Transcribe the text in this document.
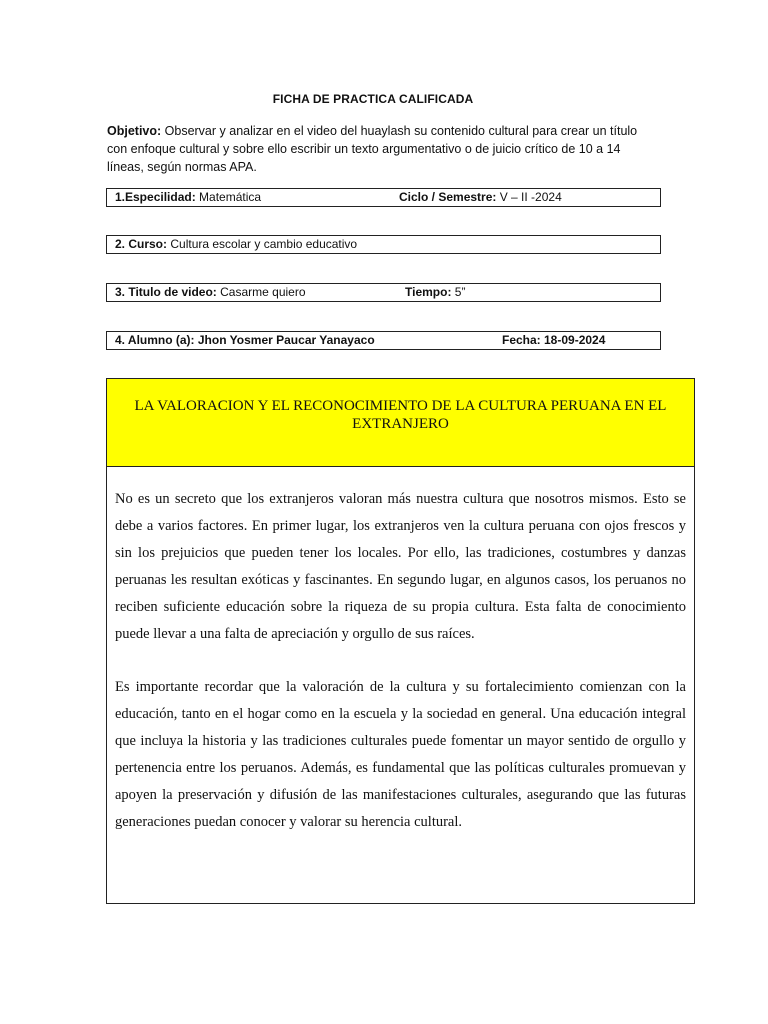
FICHA DE PRACTICA CALIFICADA
Objetivo: Observar y analizar en el video del huaylash su contenido cultural para crear un título con enfoque cultural y sobre ello escribir un texto argumentativo o de juicio crítico de 10 a 14 líneas, según normas APA.
1.Especilidad: Matemática	Ciclo / Semestre: V – II -2024
2. Curso: Cultura escolar y cambio educativo
3. Titulo de video: Casarme quiero	Tiempo: 5”
4. Alumno (a): Jhon Yosmer Paucar Yanayaco	Fecha: 18-09-2024
LA VALORACION Y EL RECONOCIMIENTO DE LA CULTURA PERUANA EN EL EXTRANJERO

No es un secreto que los extranjeros valoran más nuestra cultura que nosotros mismos. Esto se debe a varios factores. En primer lugar, los extranjeros ven la cultura peruana con ojos frescos y sin los prejuicios que pueden tener los locales. Por ello, las tradiciones, costumbres y danzas peruanas les resultan exóticas y fascinantes. En segundo lugar, en algunos casos, los peruanos no reciben suficiente educación sobre la riqueza de su propia cultura. Esta falta de conocimiento puede llevar a una falta de apreciación y orgullo de sus raíces.

Es importante recordar que la valoración de la cultura y su fortalecimiento comienzan con la educación, tanto en el hogar como en la escuela y la sociedad en general. Una educación integral que incluya la historia y las tradiciones culturales puede fomentar un mayor sentido de orgullo y pertenencia entre los peruanos. Además, es fundamental que las políticas culturales promuevan y apoyen la preservación y difusión de las manifestaciones culturales, asegurando que las futuras generaciones puedan conocer y valorar su herencia cultural.
